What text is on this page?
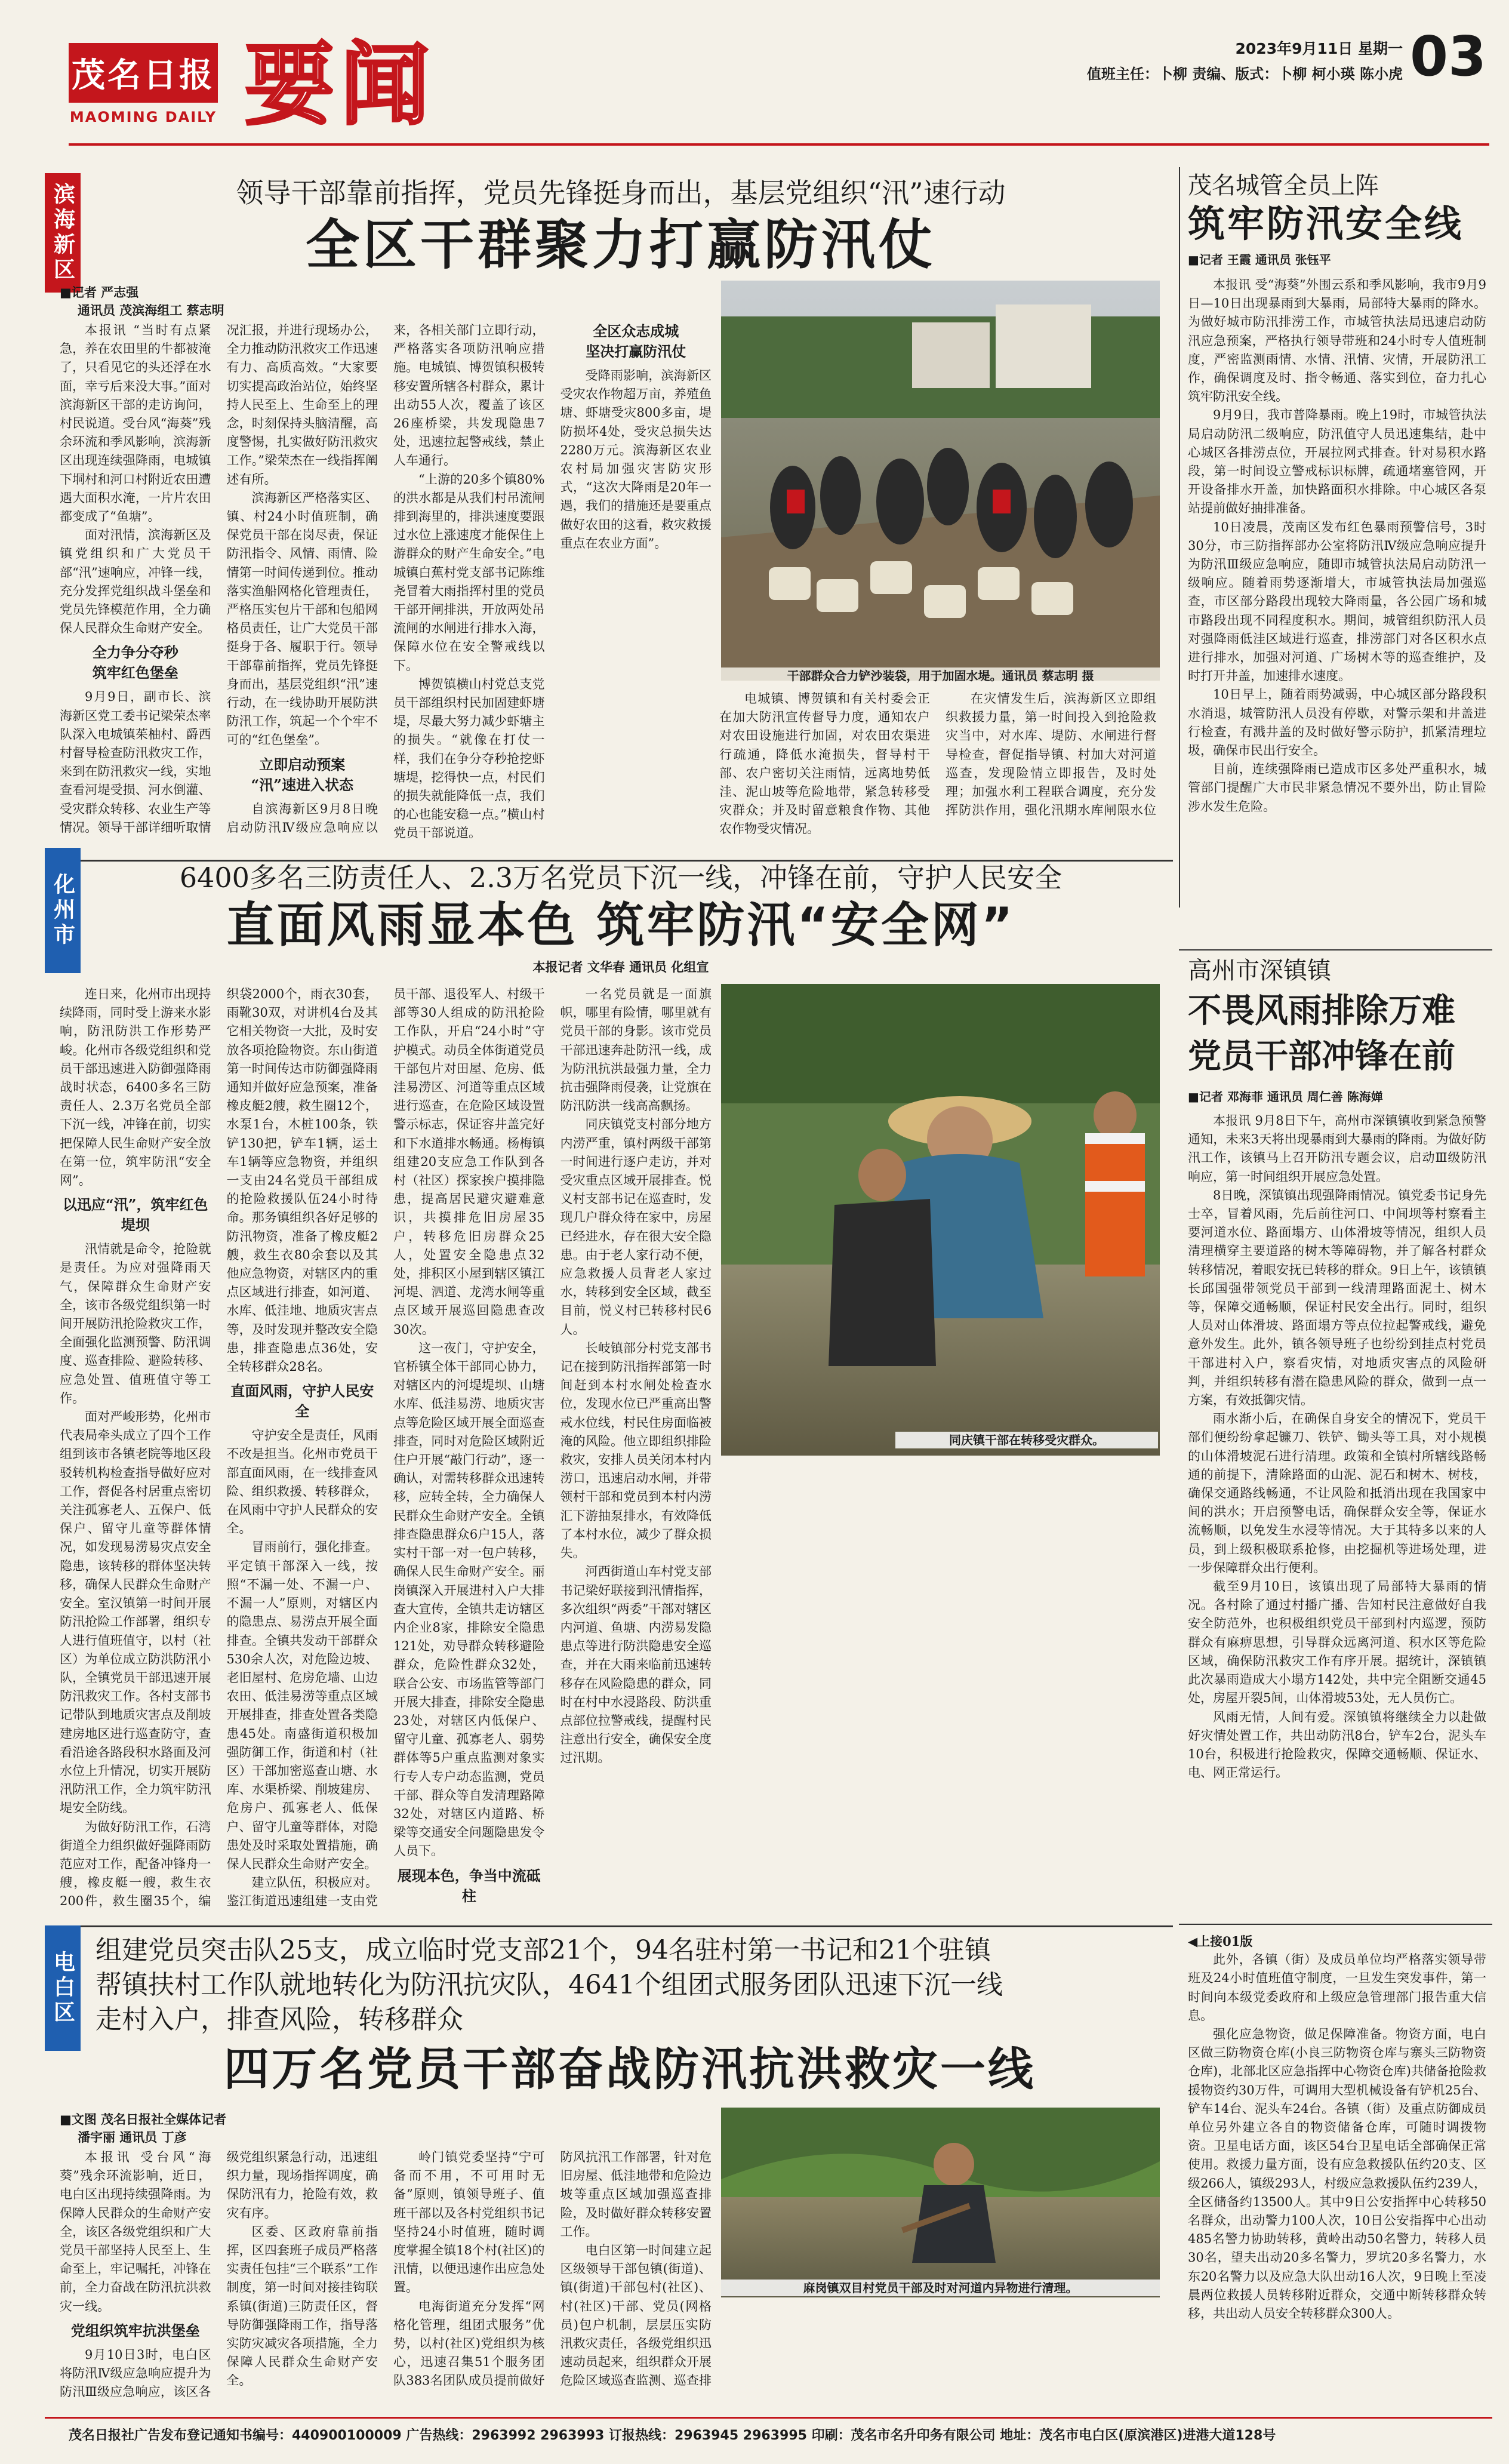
茂名日报
MAOMING DAILY 要闻	2023年9月11日 星期一
值班主任：卜柳 责编、版式：卜柳 柯小瑛 陈小虎 03
滨海新区	领导干部靠前指挥，党员先锋挺身而出，基层党组织“汛”速行动
全区干群聚力打赢防汛仗
■记者 严志强
通讯员 茂滨海组工 蔡志明

本报讯 “当时有点紧急，养在农田里的牛都被淹了，只看见它的头还浮在水面，幸亏后来没大事。”面对滨海新区干部的走访询问，村民说道。受台风“海葵”残余环流和季风影响，滨海新区出现连续强降雨，电城镇下垌村和河口村附近农田遭遇大面积水淹，一片片农田都变成了“鱼塘”。

面对汛情，滨海新区及镇党组织和广大党员干部“汛”速响应，冲锋一线，充分发挥党组织战斗堡垒和党员先锋模范作用，全力确保人民群众生命财产安全。

全力争分夺秒
筑牢红色堡垒

9月9日，副市长、滨海新区党工委书记梁荣杰率队深入电城镇茱柚村、爵西村督导检查防汛救灾工作，来到在防汛救灾一线，实地查看河堤受损、河水倒灌、受灾群众转移、农业生产等情况。领导干部详细听取情况汇报，并进行现场办公，全力推动防汛救灾工作迅速有力、高质高效。“大家要切实提高政治站位，始终坚持人民至上、生命至上的理念，时刻保持头脑清醒，高度警惕，扎实做好防汛救灾工作。”梁荣杰在一线指挥阐述有所。

滨海新区严格落实区、镇、村24小时值班制，确保党员干部在岗尽责，保证防汛指令、风情、雨情、险情第一时间传递到位。推动落实渔船网格化管理责任，严格压实包片干部和包船网格员责任，让广大党员干部挺身于各、履职于行。领导干部靠前指挥，党员先锋挺身而出，基层党组织“汛”速行动，在一线协助开展防洪防汛工作，筑起一个个牢不可的“红色堡垒”。

立即启动预案
“汛”速进入状态

自滨海新区9月8日晚启动防汛Ⅳ级应急响应以来，各相关部门立即行动，严格落实各项防汛响应措施。电城镇、博贺镇积极转移安置所辖各村群众，累计出动55人次，覆盖了该区26座桥梁，共发现隐患7处，迅速拉起警戒线，禁止人车通行。

“上游的20多个镇80%的洪水都是从我们村吊流闸排到海里的，排洪速度要跟过水位上涨速度才能保住上游群众的财产生命安全。”电城镇白蕉村党支部书记陈维尧冒着大雨指挥村里的党员干部开闸排洪，开放两处吊流闸的水闸进行排水入海，保障水位在安全警戒线以下。

博贺镇横山村党总支党员干部组织村民加固建虾塘堤，尽最大努力减少虾塘主的损失。“就像在打仗一样，我们在争分夺秒抢挖虾塘堤，挖得快一点，村民们的损失就能降低一点，我们的心也能安稳一点。”横山村党员干部说道。

全区众志成城
坚决打赢防汛仗

受降雨影响，滨海新区受灾农作物超万亩，养殖鱼塘、虾塘受灾800多亩，堤防损坏4处，受灾总损失达2280万元。滨海新区农业农村局加强灾害防灾形式，“这次大降雨是20年一遇，我们的措施还是要重点做好农田的这看，救灾救援重点在农业方面”。

电城镇、博贺镇和有关村委会正在加大防汛宣传督导力度，通知农户对农田设施进行加固，对农田农渠进行疏通，降低水淹损失，督导村干部、农户密切关注雨情，远离地势低洼、泥山坡等危险地带，紧急转移受灾群众；并及时留意粮食作物、其他农作物受灾情况。

在灾情发生后，滨海新区立即组织救援力量，第一时间投入到抢险救灾当中，对水库、堤防、水闸进行督导检查，督促指导镇、村加大对河道巡查，发现险情立即报告，及时处理；加强水利工程联合调度，充分发挥防洪作用，强化汛期水库闸限水位

干部群众合力铲沙装袋，用于加固水堤。通讯员 蔡志明 摄
茂名城管全员上阵
筑牢防汛安全线
■记者 王霞 通讯员 张钰平

本报讯 受“海葵”外围云系和季风影响，我市9月9日—10日出现暴雨到大暴雨，局部特大暴雨的降水。为做好城市防汛排涝工作，市城管执法局迅速启动防汛应急预案，严格执行领导带班和24小时专人值班制度，严密监测雨情、水情、汛情、灾情，开展防汛工作，确保调度及时、指令畅通、落实到位，奋力扎心筑牢防汛安全线。

9月9日，我市普降暴雨。晚上19时，市城管执法局启动防汛二级响应，防汛值守人员迅速集结，赴中心城区各排涝点位，开展拉网式排查。针对易积水路段，第一时间设立警戒标识标牌，疏通堵塞管网，开开设备排水开盖，加快路面积水排除。中心城区各泵站提前做好抽排准备。

10日凌晨，茂南区发布红色暴雨预警信号，3时30分，市三防指挥部办公室将防汛Ⅳ级应急响应提升为防汛Ⅲ级应急响应，随即市城管执法局启动防汛一级响应。随着雨势逐渐增大，市城管执法局加强巡查，市区部分路段出现较大降雨量，各公园广场和城市路段出现不同程度积水。期间，城管组织防汛人员对强降雨低洼区域进行巡查，排涝部门对各区积水点进行排水，加强对河道、广场树木等的巡查维护，及时打开井盖，加速排水速度。

10日早上，随着雨势减弱，中心城区部分路段积水消退，城管防汛人员没有停歇，对警示架和井盖进行检查，有溅井盖的及时做好警示防护，抓紧清理垃圾，确保市民出行安全。

目前，连续强降雨已造成市区多处严重积水，城管部门提醒广大市民非紧急情况不要外出，防止冒险涉水发生危险。

化州市	6400多名三防责任人、2.3万名党员下沉一线，冲锋在前，守护人民安全
直面风雨显本色 筑牢防汛“安全网”
本报记者 文华春 通讯员 化组宣
同庆镇干部在转移受灾群众。

连日来，化州市出现持续降雨，同时受上游来水影响，防汛防洪工作形势严峻。化州市各级党组织和党员干部迅速进入防御强降雨战时状态，6400多名三防责任人、2.3万名党员全部下沉一线，冲锋在前，切实把保障人民生命财产安全放在第一位，筑牢防汛“安全网”。

以迅应“汛”，筑牢红色堤坝

汛情就是命令，抢险就是责任。为应对强降雨天气，保障群众生命财产安全，该市各级党组织第一时间开展防汛抢险救灾工作，全面强化监测预警、防汛调度、巡查排险、避险转移、应急处置、值班值守等工作。

面对严峻形势，化州市代表局牵头成立了四个工作组到该市各镇老院等地区段驳转机构检查指导做好应对工作，督促各村居重点密切关注孤寡老人、五保户、低保户、留守儿童等群体情况，如发现易涝易灾点安全隐患，该转移的群体坚决转移，确保人民群众生命财产安全。室汉镇第一时间开展防汛抢险工作部署，组织专人进行值班值守，以村（社区）为单位成立防洪防汛小队，全镇党员干部迅速开展防汛救灾工作。各村支部书记带队到地质灾害点及削坡建房地区进行巡查防守，查看沿途各路段积水路面及河水位上升情况，切实开展防汛防汛工作，全力筑牢防汛堤安全防线。

为做好防汛工作，石湾街道全力组织做好强降雨防范应对工作，配备冲锋舟一艘，橡皮艇一艘，救生衣200件，救生圈35个，编织袋2000个，雨衣30套，雨靴30双，对讲机4台及其它相关物资一大批，及时安放各项抢险物资。东山街道第一时间传达市防御强降雨通知并做好应急预案，准备橡皮艇2艘，救生圈12个，水泵1台，木桩100条，铁铲130把，铲车1辆，运土车1辆等应急物资，并组织一支由24名党员干部组成的抢险救援队伍24小时待命。那务镇组织各好足够的防汛物资，准备了橡皮艇2艘，救生衣80余套以及其他应急物资，对辖区内的重点区域进行排查，如河道、水库、低洼地、地质灾害点等，及时发现并整改安全隐患，排查隐患点36处，安全转移群众28名。

直面风雨，守护人民安全

守护安全是责任，风雨不改是担当。化州市党员干部直面风雨，在一线排查风险、组织救援、转移群众，在风雨中守护人民群众的安全。

冒雨前行，强化排查。平定镇干部深入一线，按照“不漏一处、不漏一户、不漏一人”原则，对辖区内的隐患点、易涝点开展全面排查。全镇共发动干部群众530余人次，对危险边坡、老旧屋村、危房危墙、山边农田、低洼易涝等重点区域开展排查，排查处置各类隐患45处。南盛街道积极加强防御工作，街道和村（社区）干部加密巡查山塘、水库、水渠桥梁、削坡建房、危房户、孤寡老人、低保户、留守儿童等群体，对隐患处及时采取处置措施，确保人民群众生命财产安全。

建立队伍，积极应对。鉴江街道迅速组建一支由党员干部、退役军人、村级干部等30人组成的防汛抢险工作队，开启“24小时”守护模式。动员全体街道党员干部包片对田屋、危房、低洼易涝区、河道等重点区域进行巡查，在危险区域设置警示标志，保证容井盖完好和下水道排水畅通。杨梅镇组建20支应急工作队到各村（社区）探家挨户摸排隐患，提高居民避灾避难意识，共摸排危旧房屋35户，转移危旧房群众25人，处置安全隐患点32处，排积区小屋到辖区镇江河堤、泗道、龙湾水闸等重点区域开展巡回隐患查改30次。

这一夜门，守护安全，官桥镇全体干部同心协力，对辖区内的河堤堤坝、山塘水库、低洼易涝、地质灾害点等危险区域开展全面巡查排查，同时对危险区域附近住户开展“敲门行动”，逐一确认，对需转移群众迅速转移，应转全转，全力确保人民群众生命财产安全。全镇排查隐患群众6户15人，落实村干部一对一包户转移，确保人民生命财产安全。丽岗镇深入开展进村入户大排查大宣传，全镇共走访辖区内企业8家，排除安全隐患121处，劝导群众转移避险群众，危险性群众32处，联合公安、市场监管等部门开展大排查，排除安全隐患23处，对辖区内低保户、留守儿童、孤寡老人、弱势群体等5户重点监测对象实行专人专户动态监测，党员干部、群众等自发清理路障32处，对辖区内道路、桥梁等交通安全问题隐患发令人员下。

展现本色，争当中流砥柱

一名党员就是一面旗帜，哪里有险情，哪里就有党员干部的身影。该市党员干部迅速奔赴防汛一线，成为防汛抗洪最强力量，全力抗击强降雨侵袭，让党旗在防汛防洪一线高高飘扬。

同庆镇党支村部分地方内涝严重，镇村两级干部第一时间进行逐户走访，并对受灾重点区域开展排查。悦义村支部书记在巡查时，发现几户群众待在家中，房屋已经进水，存在很大安全隐患。由于老人家行动不便，应急救援人员背老人家过水，转移到安全区域，截至目前，悦义村已转移村民6人。

长岐镇部分村党支部书记在接到防汛指挥部第一时间赶到本村水闸处检查水位，发现水位已严重高出警戒水位线，村民住房面临被淹的风险。他立即组织排险救灾，安排人员关闭本村内涝口，迅速启动水闸，并带领村干部和党员到本村内涝汇下游抽泵排水，有效降低了本村水位，减少了群众损失。

河西街道山车村党支部书记梁好联接到汛情指挥，多次组织“两委”干部对辖区内河道、鱼塘、内涝易发隐患点等进行防洪隐患安全巡查，并在大雨来临前迅速转移存在风险隐患的群众，同时在村中水浸路段、防洪重点部位拉警戒线，提醒村民注意出行安全，确保安全度过汛期。

高州市深镇镇
不畏风雨排除万难
党员干部冲锋在前
■记者 邓海菲 通讯员 周仁善 陈海婵

本报讯 9月8日下午，高州市深镇镇收到紧急预警通知，未来3天将出现暴雨到大暴雨的降雨。为做好防汛工作，该镇马上召开防汛专题会议，启动Ⅲ级防汛响应，第一时间组织开展应急处置。

8日晚，深镇镇出现强降雨情况。镇党委书记身先士卒，冒着风雨，先后前往河口、中间坝等村察看主要河道水位、路面塌方、山体滑坡等情况，组织人员清理横穿主要道路的树木等障碍物，并了解各村群众转移情况，着眼安抚已转移的群众。9日上午，该镇镇长邱国强带领党员干部到一线清理路面泥土、树木等，保障交通畅顺，保证村民安全出行。同时，组织人员对山体滑坡、路面塌方等点位拉起警戒线，避免意外发生。此外，镇各领导班子也纷纷到挂点村党员干部进村入户，察看灾情，对地质灾害点的风险研判，并组织转移有潜在隐患风险的群众，做到一点一方案，有效抵御灾情。

雨水渐小后，在确保自身安全的情况下，党员干部们便纷纷拿起镰刀、铁铲、锄头等工具，对小规模的山体滑坡泥石进行清理。政策和全镇村所辖线路畅通的前提下，清除路面的山泥、泥石和树木、树枝，确保交通路线畅通，不让风险和抵消出现在我国家中间的洪水；开启预警电话，确保群众安全等，保证水流畅顺，以免发生水浸等情况。大于其特多以来的人员，到上级积极联系抢修，由挖掘机等进场处理，进一步保障群众出行便利。

截至9月10日，该镇出现了局部特大暴雨的情况。各村除了通过村播广播、告知村民注意做好自我安全防范外，也积极组织党员干部到村内巡逻，预防群众有麻痹思想，引导群众远离河道、积水区等危险区域，确保防汛救灾工作有序开展。据统计，深镇镇此次暴雨造成大小塌方142处，共中完全阻断交通45处，房屋开裂5间，山体滑坡53处，无人员伤亡。

风雨无情，人间有爱。深镇镇将继续全力以赴做好灾情处置工作，共出动防汛8台，铲车2台，泥头车10台，积极进行抢险救灾，保障交通畅顺、保证水、电、网正常运行。

电白区
组建党员突击队25支，成立临时党支部21个，94名驻村第一书记和21个驻镇
帮镇扶村工作队就地转化为防汛抗灾队，4641个组团式服务团队迅速下沉一线
走村入户，排查风险，转移群众
四万名党员干部奋战防汛抗洪救灾一线
■文图 茂名日报社全媒体记者
潘宇丽 通讯员 丁彦

本报讯 受台风“海葵”残余环流影响，近日，电白区出现持续强降雨。为保障人民群众的生命财产安全，该区各级党组织和广大党员干部坚持人民至上、生命至上，牢记嘱托，冲锋在前，全力奋战在防汛抗洪救灾一线。

党组织筑牢抗洪堡垒

9月10日3时，电白区将防汛Ⅳ级应急响应提升为防汛Ⅲ级应急响应，该区各级党组织紧急行动，迅速组织力量，现场指挥调度，确保防汛有力，抢险有效，救灾有序。

区委、区政府靠前指挥，区四套班子成员严格落实责任包挂“三个联系”工作制度，第一时间对接挂钩联系镇(街道)三防责任区，督导防御强降雨工作，指导落实防灾减灾各项措施，全力保障人民群众生命财产安全。

岭门镇党委坚持“宁可备而不用，不可用时无备”原则，镇领导班子、值班干部以及各村党组织书记坚持24小时值班，随时调度掌握全镇18个村(社区)的汛情，以便迅速作出应急处置。

电海街道充分发挥“网格化管理，组团式服务”优势，以村(社区)党组织为核心，迅速召集51个服务团队383名团队成员提前做好防风抗汛工作部署，针对危旧房屋、低洼地带和危险边坡等重点区域加强巡查排险，及时做好群众转移安置工作。

电白区第一时间建立起区级领导干部包镇(街道)、镇(街道)干部包村(社区)、村(社区)干部、党员(网格员)包户机制，层层压实防汛救灾责任，各级党组织迅速动员起来，组织群众开展危险区域巡查监测、巡查排

麻岗镇双目村党员干部及时对河道内异物进行清理。

◀上接01版

此外，各镇（街）及成员单位均严格落实领导带班及24小时值班值守制度，一旦发生突发事件，第一时间向本级党委政府和上级应急管理部门报告重大信息。

强化应急物资，做足保障准备。物资方面，电白区做三防物资仓库(小良三防物资仓库与寨头三防物资仓库)，北部北区应急指挥中心物资仓库)共储备抢险救援物资约30万件，可调用大型机械设备有铲机25台、铲车14台、泥头车24台。各镇（街）及重点防御成员单位另外建立各自的物资储备仓库，可随时调拨物资。卫星电话方面，该区54台卫星电话全部确保正常使用。救援力量方面，设有应急救援队伍约20支、区级266人，镇级293人，村级应急救援队伍约239人，全区储备约13500人。其中9日公安指挥中心转移50名群众，出动警力100人次，10日公安指挥中心出动485名警力协助转移，黄岭出动50名警力，转移人员30名，望夫出动20多名警力，罗坑20多名警力，水东20名警力以及应急大队出动16人次，9日晚上至凌晨两位救援人员转移附近群众，交通中断转移群众转移，共出动人员安全转移群众300人。

茂名日报社广告发布登记通知书编号：440900100009 广告热线：2963992 2963993 订报热线：2963945 2963995 印刷：茂名市名升印务有限公司 地址：茂名市电白区(原滨港区)进港大道128号
